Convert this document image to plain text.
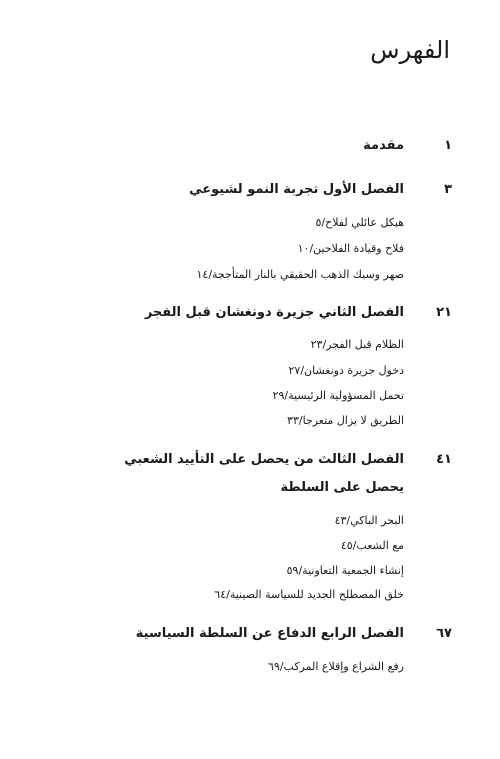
الفهرس
١
مقدمة
٣
الفصل الأول تجربة النمو لشيوعي
هيكل عائلي لفلاح/٥
فلاح وقيادة الفلاحين/١٠
صهر وسبك الذهب الحقيقي بالنار المتأججة/١٤
٢١
الفصل الثاني جزيرة دونغشان قبل الفجر
الظلام قبل الفجر/٢٣
دخول جزيرة دونغشان/٢٧
تحمل المسؤولية الرئيسية/٢٩
الطريق لا يزال متعرجا/٣٣
٤١
الفصل الثالث من يحصل على التأييد الشعبي
يحصل على السلطة
البحر الباكي/٤٣
مع الشعب/٤٥
إنشاء الجمعية التعاونية/٥٩
خلق المصطلح الجديد للسياسة الصينية/٦٤
٦٧
الفصل الرابع الدفاع عن السلطة السياسية
رفع الشراع وإقلاع المركب/٦٩
